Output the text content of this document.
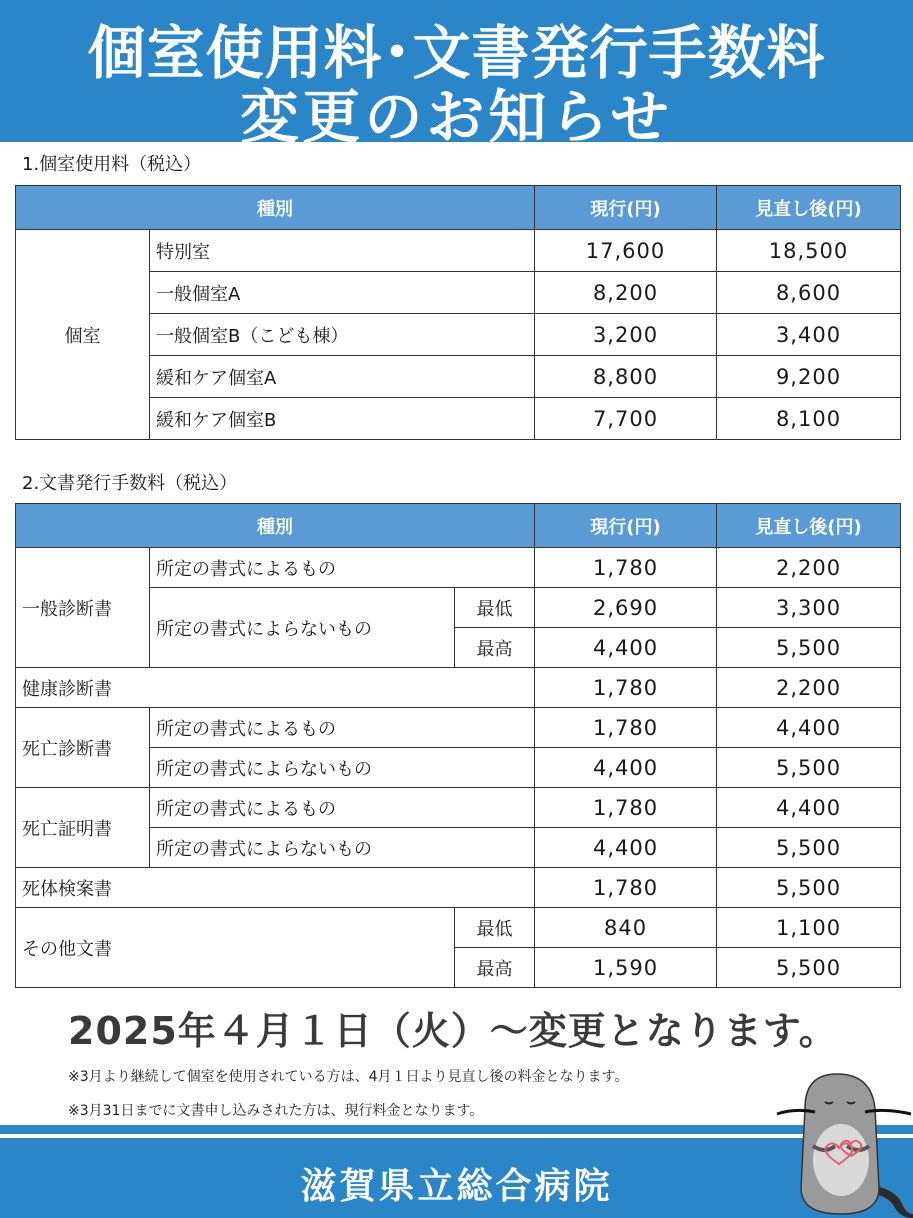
個室使用料･文書発行手数料
変更のお知らせ
1.個室使用料（税込）
種別		現行(円)	見直し後(円)
個室	特別室	17,600	18,500
	一般個室A	8,200	8,600
	一般個室B（こども棟）	3,200	3,400
	緩和ケア個室A	8,800	9,200
	緩和ケア個室B	7,700	8,100
2.文書発行手数料（税込）
種別			現行(円)	見直し後(円)
一般診断書	所定の書式によるもの		1,780	2,200
	所定の書式によらないもの	最低	2,690	3,300
		最高	4,400	5,500
健康診断書			1,780	2,200
死亡診断書	所定の書式によるもの		1,780	4,400
	所定の書式によらないもの		4,400	5,500
死亡証明書	所定の書式によるもの		1,780	4,400
	所定の書式によらないもの		4,400	5,500
死体検案書			1,780	5,500
その他文書		最低	840	1,100
		最高	1,590	5,500
2025年４月１日（火）～変更となります。
※3月より継続して個室を使用されている方は、4月１日より見直し後の料金となります。
※3月31日までに文書申し込みされた方は、現行料金となります。
滋賀県立総合病院
